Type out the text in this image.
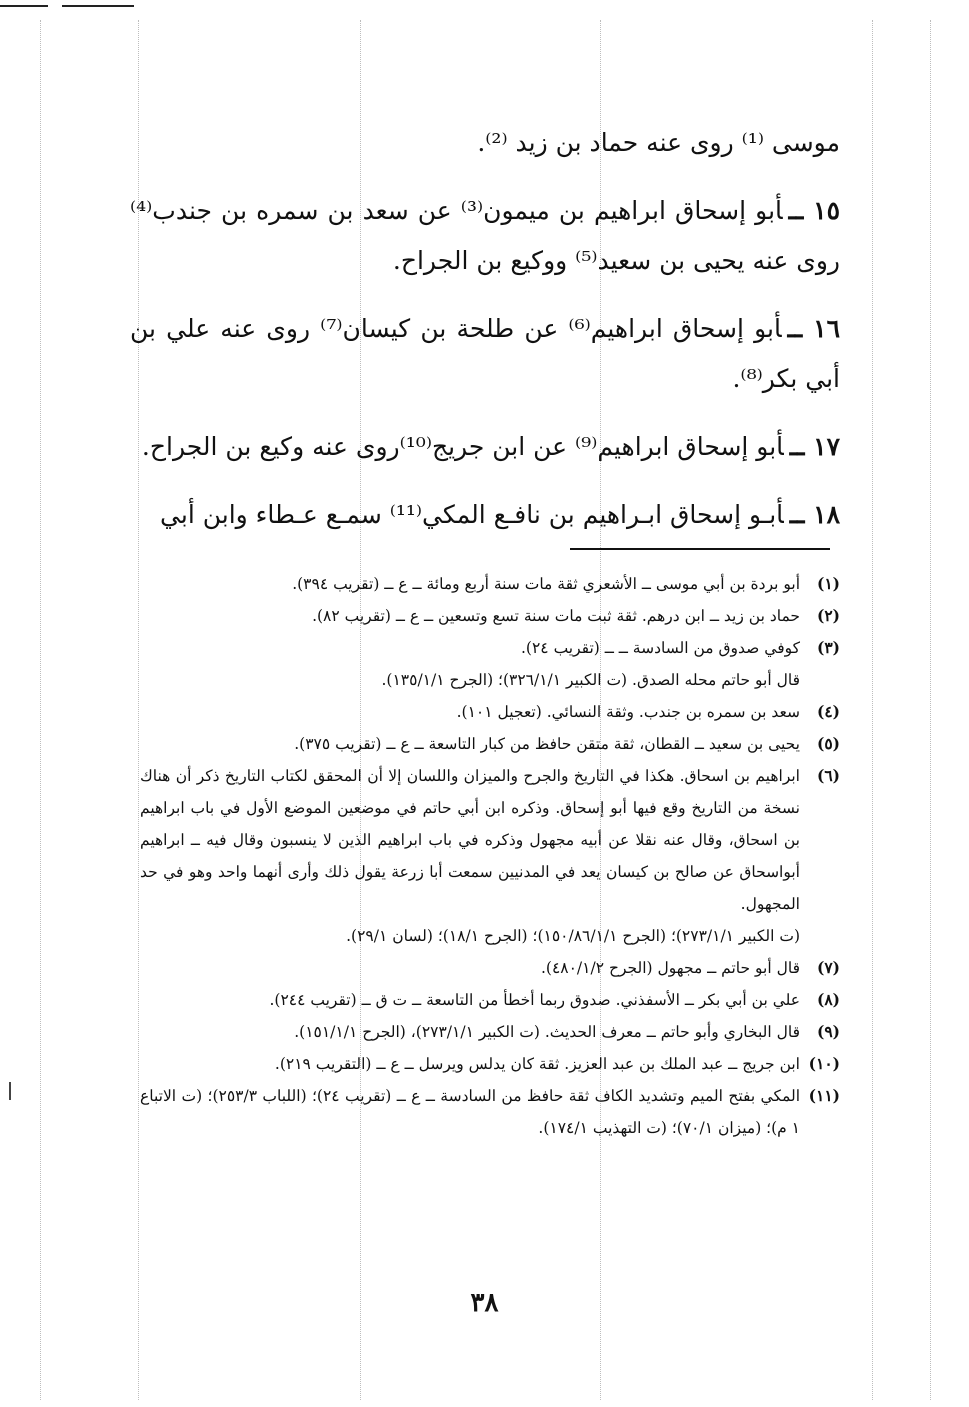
موسى ⁽¹⁾ روى عنه حماد بن زيد ⁽²⁾.

١٥ ــأبو إسحاق ابراهيم بن ميمون⁽³⁾ عن سعد بن سمره بن جندب⁽⁴⁾ روى عنه يحيى بن سعيد⁽⁵⁾ ووكيع بن الجراح.

١٦ ــأبو إسحاق ابراهيم⁽⁶⁾ عن طلحة بن كيسان⁽⁷⁾ روى عنه علي بن أبي بكر⁽⁸⁾.

١٧ ــأبو إسحاق ابراهيم⁽⁹⁾ عن ابن جريج⁽¹⁰⁾روى عنه وكيع بن الجراح.

١٨ ــأبـو إسحاق ابـراهيم بن نافـع المكي⁽¹¹⁾ سمـع عـطاء وابن أبي

(١)
أبو بردة بن أبي موسى ــ الأشعري ثقة مات سنة أربع ومائة ــ ع ــ (تقريب ٣٩٤).
(٢)
حماد بن زيد ــ ابن درهم. ثقة ثبت مات سنة تسع وتسعين ــ ع ــ (تقريب ٨٢).
(٣)
كوفي صدوق من السادسة ــ ــ (تقريب ٢٤).
قال أبو حاتم محله الصدق. (ت الكبير ٣٢٦/١/١)؛ (الجرح ١٣٥/١/١).
(٤)
سعد بن سمره بن جندب. وثقة النسائي. (تعجيل ١٠١).
(٥)
يحيى بن سعيد ــ القطان، ثقة متقن حافظ من كبار التاسعة ــ ع ــ (تقريب ٣٧٥).
(٦)
ابراهيم بن اسحاق. هكذا في التاريخ والجرح والميزان واللسان إلا أن المحقق لكتاب التاريخ ذكر أن هناك نسخة من التاريخ وقع فيها أبو إسحاق. وذكره ابن أبي حاتم في موضعين الموضع الأول في باب ابراهيم بن اسحاق، وقال عنه نقلا عن أبيه مجهول وذكره في باب ابراهيم الذين لا ينسبون وقال فيه ــ ابراهيم أبواسحاق عن صالح بن كيسان يعد في المدنيين سمعت أبا زرعة يقول ذلك وأرى أنهما واحد وهو في حد المجهول.
(ت الكبير ٢٧٣/١/١)؛ (الجرح ١٥٠/٨٦/١/١)؛ (الجرح ١٨/١)؛ (لسان ٢٩/١).
(٧)
قال أبو حاتم ــ مجهول (الجرح ٤٨٠/١/٢).
(٨)
علي بن أبي بكر ــ الأسفذني. صدوق ربما أخطأ من التاسعة ــ ت ق ــ (تقريب ٢٤٤).
(٩)
قال البخاري وأبو حاتم ــ معرف الحديث. (ت الكبير ٢٧٣/١/١)، (الجرح ١٥١/١/١).
(١٠)
ابن جريج ــ عبد الملك بن عبد العزيز. ثقة كان يدلس ويرسل ــ ع ــ (التقريب ٢١٩).
(١١)
المكي بفتح الميم وتشديد الكاف ثقة حافظ من السادسة ــ ع ــ (تقريب ٢٤)؛ (اللباب ٢٥٣/٣)؛ (ت الاتباع ١ م)؛ (ميزان ٧٠/١)؛ (ت التهذيب ١٧٤/١).
٣٨
